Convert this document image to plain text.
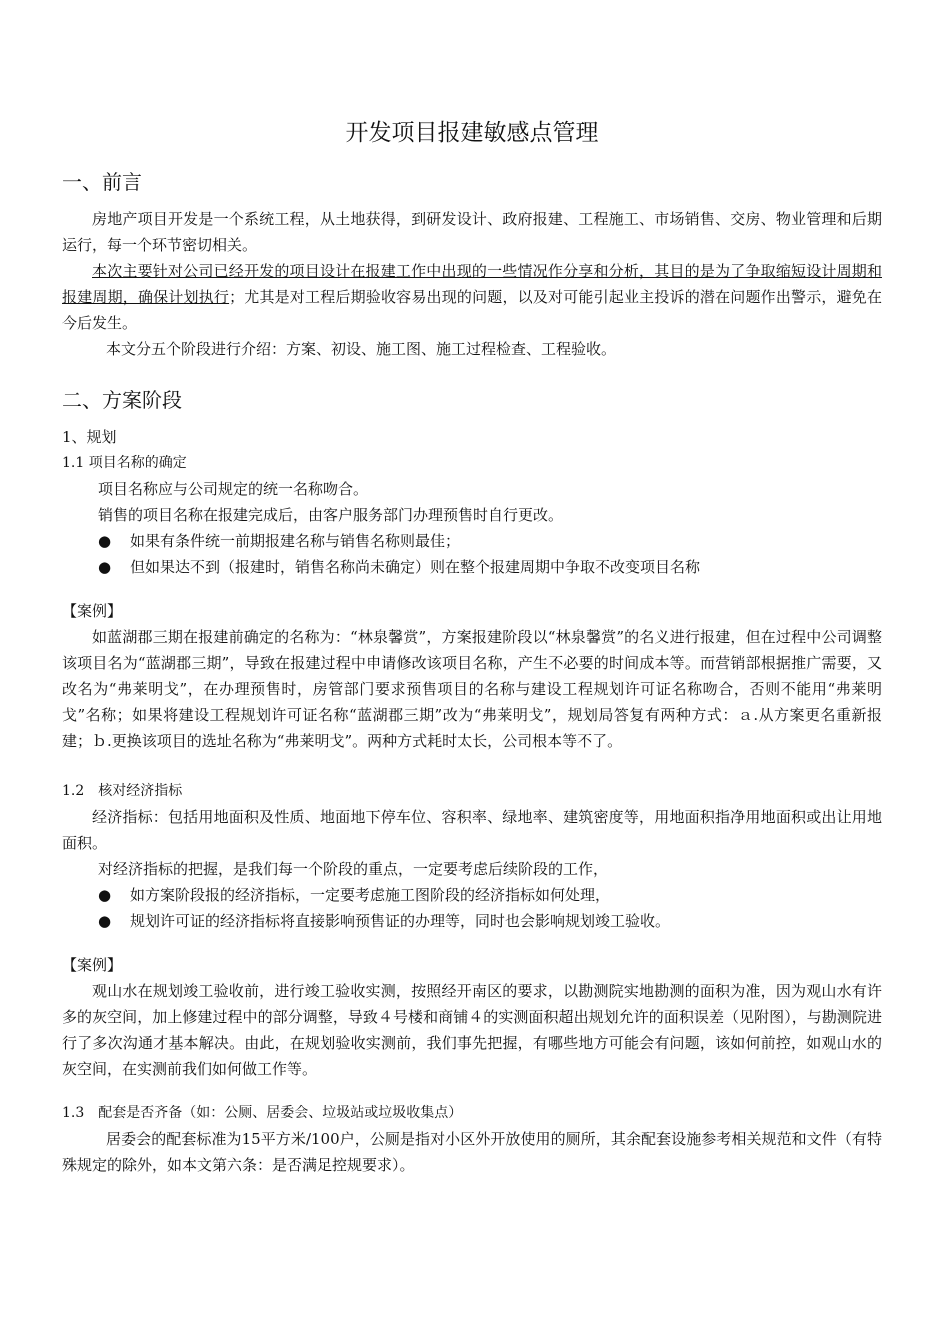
开发项目报建敏感点管理
一、前言

房地产项目开发是一个系统工程，从土地获得，到研发设计、政府报建、工程施工、市场销售、交房、物业管理和后期运行，每一个环节密切相关。

本次主要针对公司已经开发的项目设计在报建工作中出现的一些情况作分享和分析，其目的是为了争取缩短设计周期和报建周期，确保计划执行；尤其是对工程后期验收容易出现的问题，以及对可能引起业主投诉的潜在问题作出警示，避免在今后发生。

本文分五个阶段进行介绍：方案、初设、施工图、施工过程检查、工程验收。

二、方案阶段

1、规划

1.1 项目名称的确定

项目名称应与公司规定的统一名称吻合。

销售的项目名称在报建完成后，由客户服务部门办理预售时自行更改。

● 如果有条件统一前期报建名称与销售名称则最佳；

● 但如果达不到（报建时，销售名称尚未确定）则在整个报建周期中争取不改变项目名称

【案例】

如蓝湖郡三期在报建前确定的名称为：“林泉馨赏”，方案报建阶段以“林泉馨赏”的名义进行报建，但在过程中公司调整该项目名为“蓝湖郡三期”，导致在报建过程中申请修改该项目名称，产生不必要的时间成本等。而营销部根据推广需要，又改名为“弗莱明戈”，在办理预售时，房管部门要求预售项目的名称与建设工程规划许可证名称吻合，否则不能用“弗莱明戈”名称；如果将建设工程规划许可证名称“蓝湖郡三期”改为“弗莱明戈”，规划局答复有两种方式：ａ.从方案更名重新报建；ｂ.更换该项目的选址名称为“弗莱明戈”。两种方式耗时太长，公司根本等不了。

1.2　核对经济指标

经济指标：包括用地面积及性质、地面地下停车位、容积率、绿地率、建筑密度等，用地面积指净用地面积或出让用地面积。

对经济指标的把握，是我们每一个阶段的重点，一定要考虑后续阶段的工作，

● 如方案阶段报的经济指标，一定要考虑施工图阶段的经济指标如何处理，

● 规划许可证的经济指标将直接影响预售证的办理等，同时也会影响规划竣工验收。

【案例】

观山水在规划竣工验收前，进行竣工验收实测，按照经开南区的要求，以勘测院实地勘测的面积为准，因为观山水有许多的灰空间，加上修建过程中的部分调整，导致４号楼和商铺４的实测面积超出规划允许的面积误差（见附图），与勘测院进行了多次沟通才基本解决。由此，在规划验收实测前，我们事先把握，有哪些地方可能会有问题，该如何前控，如观山水的灰空间，在实测前我们如何做工作等。

1.3　配套是否齐备（如：公厕、居委会、垃圾站或垃圾收集点）

居委会的配套标准为15平方米/100户，公厕是指对小区外开放使用的厕所，其余配套设施参考相关规范和文件（有特殊规定的除外，如本文第六条：是否满足控规要求）。
